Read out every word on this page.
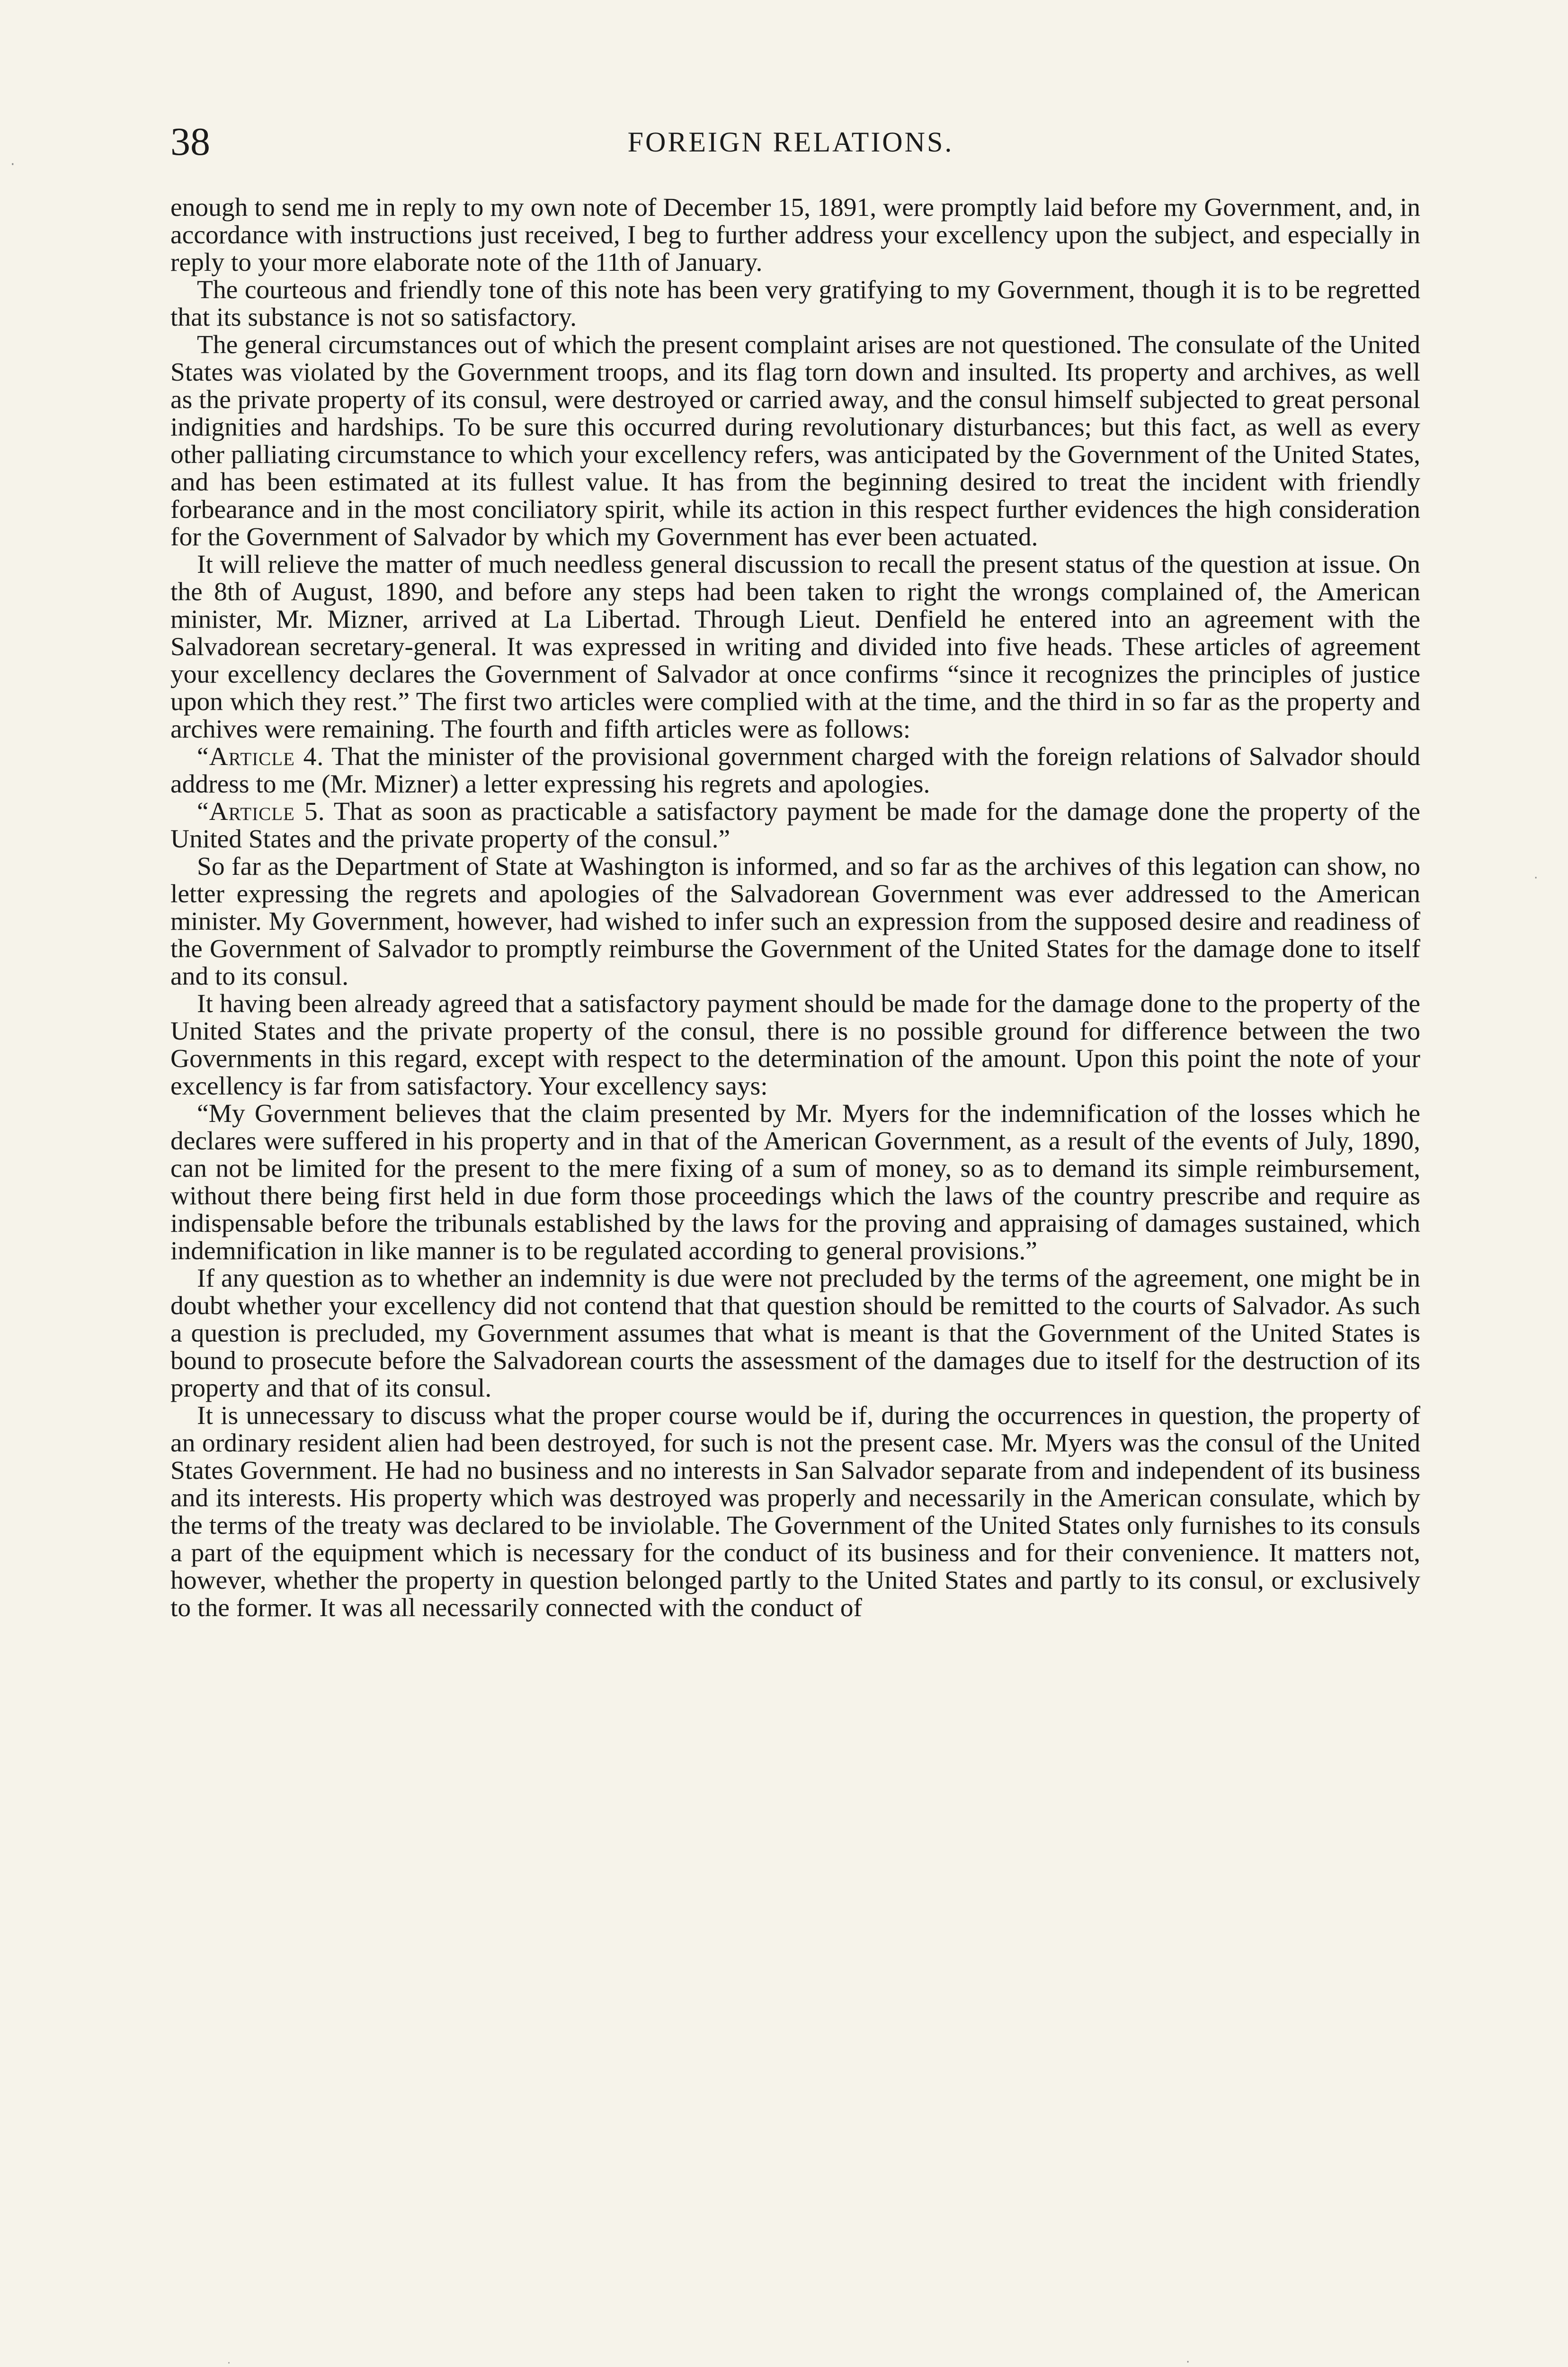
38	FOREIGN RELATIONS.

enough to send me in reply to my own note of December 15, 1891, were promptly laid before my Government, and, in accordance with instructions just received, I beg to further address your excellency upon the subject, and especially in reply to your more elaborate note of the 11th of January.

The courteous and friendly tone of this note has been very gratifying to my Government, though it is to be regretted that its substance is not so satisfactory.

The general circumstances out of which the present complaint arises are not questioned. The consulate of the United States was violated by the Government troops, and its flag torn down and insulted. Its property and archives, as well as the private property of its consul, were destroyed or carried away, and the consul himself subjected to great personal indignities and hardships. To be sure this occurred during revolutionary disturbances; but this fact, as well as every other palliating circumstance to which your excellency refers, was anticipated by the Government of the United States, and has been estimated at its fullest value. It has from the beginning desired to treat the incident with friendly forbearance and in the most conciliatory spirit, while its action in this respect further evidences the high consideration for the Government of Salvador by which my Government has ever been actuated.

It will relieve the matter of much needless general discussion to recall the present status of the question at issue. On the 8th of August, 1890, and before any steps had been taken to right the wrongs complained of, the American minister, Mr. Mizner, arrived at La Libertad. Through Lieut. Denfield he entered into an agreement with the Salvadorean secretary-general. It was expressed in writing and divided into five heads. These articles of agreement your excellency declares the Government of Salvador at once confirms “since it recognizes the principles of justice upon which they rest.” The first two articles were complied with at the time, and the third in so far as the property and archives were remaining. The fourth and fifth articles were as follows:

“Article 4. That the minister of the provisional government charged with the foreign relations of Salvador should address to me (Mr. Mizner) a letter expressing his regrets and apologies.

“Article 5. That as soon as practicable a satisfactory payment be made for the damage done the property of the United States and the private property of the consul.”

So far as the Department of State at Washington is informed, and so far as the archives of this legation can show, no letter expressing the regrets and apologies of the Salvadorean Government was ever addressed to the American minister. My Government, however, had wished to infer such an expression from the supposed desire and readiness of the Government of Salvador to promptly reimburse the Government of the United States for the damage done to itself and to its consul.

It having been already agreed that a satisfactory payment should be made for the damage done to the property of the United States and the private property of the consul, there is no possible ground for difference between the two Governments in this regard, except with respect to the determination of the amount. Upon this point the note of your excellency is far from satisfactory. Your excellency says:

“My Government believes that the claim presented by Mr. Myers for the indemnification of the losses which he declares were suffered in his property and in that of the American Government, as a result of the events of July, 1890, can not be limited for the present to the mere fixing of a sum of money, so as to demand its simple reimbursement, without there being first held in due form those proceedings which the laws of the country prescribe and require as indispensable before the tribunals established by the laws for the proving and appraising of damages sustained, which indemnification in like manner is to be regulated according to general provisions.”

If any question as to whether an indemnity is due were not precluded by the terms of the agreement, one might be in doubt whether your excellency did not contend that that question should be remitted to the courts of Salvador. As such a question is precluded, my Government assumes that what is meant is that the Government of the United States is bound to prosecute before the Salvadorean courts the assessment of the damages due to itself for the destruction of its property and that of its consul.

It is unnecessary to discuss what the proper course would be if, during the occurrences in question, the property of an ordinary resident alien had been destroyed, for such is not the present case. Mr. Myers was the consul of the United States Government. He had no business and no interests in San Salvador separate from and independent of its business and its interests. His property which was destroyed was properly and necessarily in the American consulate, which by the terms of the treaty was declared to be inviolable. The Government of the United States only furnishes to its consuls a part of the equipment which is necessary for the conduct of its business and for their convenience. It matters not, however, whether the property in question belonged partly to the United States and partly to its consul, or exclusively to the former. It was all necessarily connected with the conduct of

·
·
·	·
